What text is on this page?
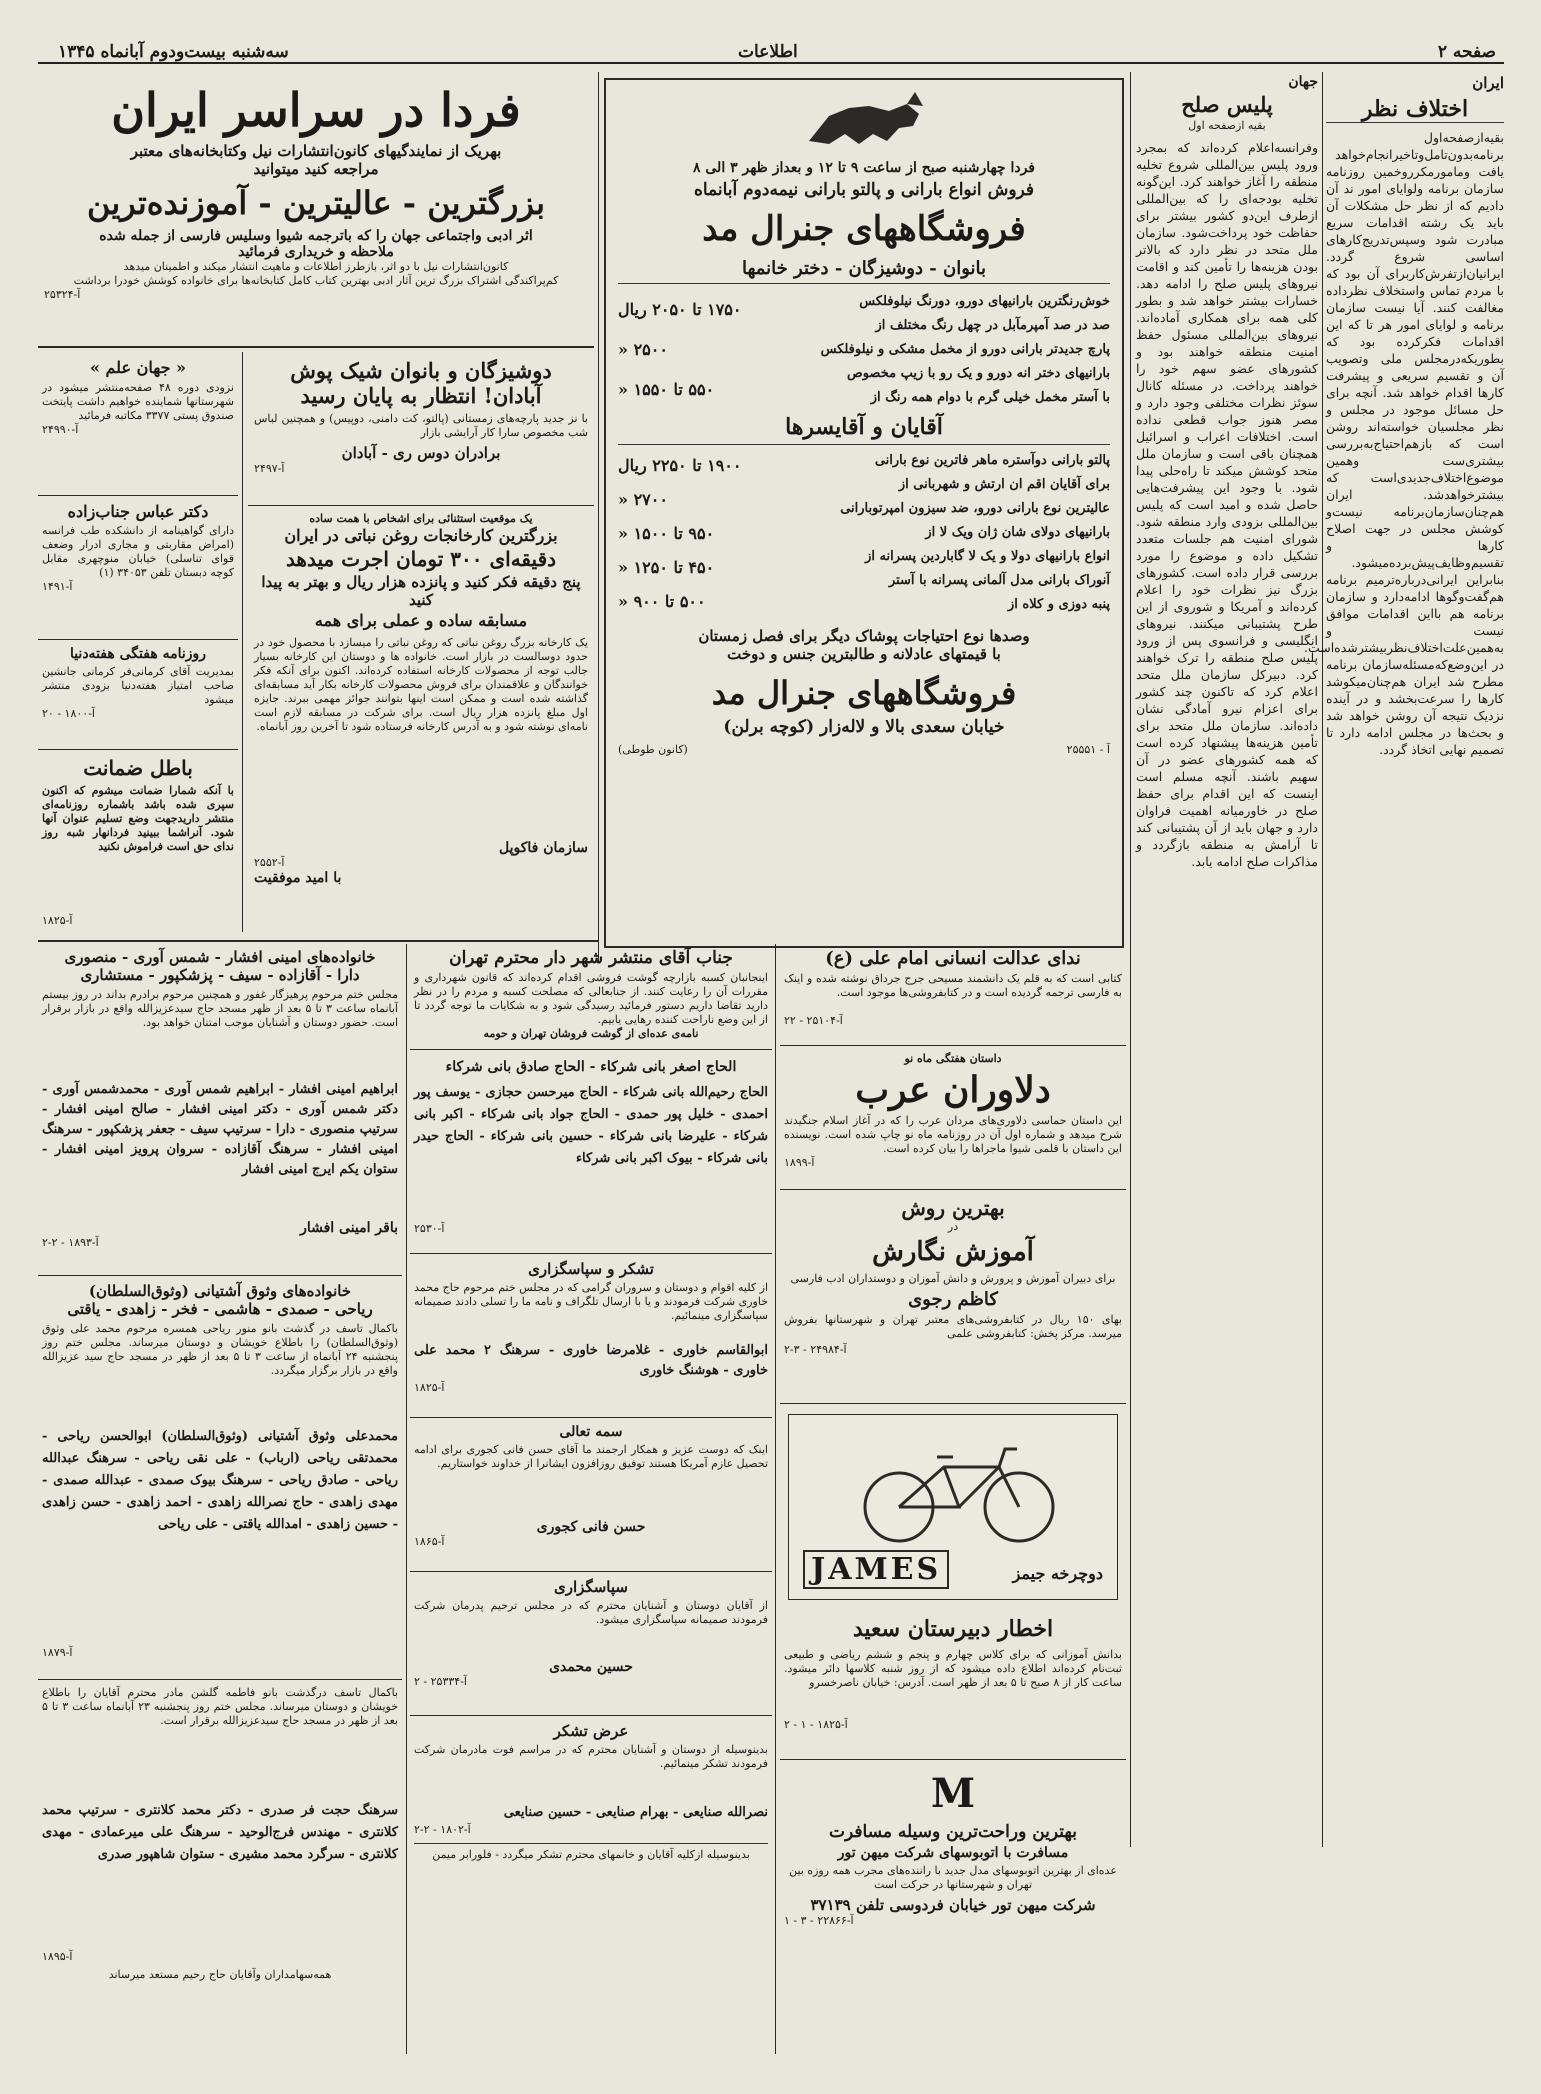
صفحه ۲
اطلاعات
سه‌شنبه بیست‌ودوم آبانماه ۱۳۴۵
ایران
اختلاف نظر
بقیه‌ازصفحه‌اول برنامه‌بدون‌تامل‌وتاخیرانجام‌خواهد یافت ومامورمکرروخمین روزنامه سازمان برنامه ولوایای امور ند آن دادیم که از نظر حل مشکلات آن باید یک رشته اقدامات سریع مبادرت شود وسپس‌تدریج‌کارهای اساسی شروع گردد. ایرانیان‌ازتفرش‌کاربرای آن بود که با مردم تماس واستخلاف نظرداده مغالفت کنند. آیا نیست سازمان برنامه و لوایای امور هر تا که این اقدامات فکرکرده بود که بطوریکه‌درمجلس ملی وتصویب آن و تقسیم سریعی و پیشرفت کارها اقدام خواهد شد. آنچه برای حل مسائل موجود در مجلس و نظر مجلسیان خواسته‌اند روشن است که بازهم‌احتیاج‌به‌بررسی بیشتری‌ست وهمین موضوع‌اختلاف‌جدیدی‌است که بیشترخواهدشد. ایران هم‌چنان‌سازمان‌برنامه نیست‌و کوشش مجلس در جهت اصلاح کارها و تقسیم‌وظایف‌پیش‌برده‌میشود. بنابراین ایرانی‌درباره‌ترمیم برنامه هم‌گفت‌وگوها ادامه‌دارد و سازمان برنامه هم بااین اقدامات موافق نیست و به‌همین‌علت‌اختلاف‌نظربیشترشده‌است. در این‌وضع‌که‌مسئله‌سازمان برنامه مطرح شد ایران هم‌چنان‌میکوشد کارها را سرعت‌بخشد و در آینده نزدیک نتیجه آن روشن خواهد شد و بحث‌ها در مجلس ادامه دارد تا تصمیم نهایی اتخاذ گردد.
جهان
پلیس صلح
بقیه ازصفحه اول
وفرانسه‌اعلام کرده‌اند که بمجرد ورود پلیس بین‌المللی شروع تخلیه منطقه را آغاز خواهند کرد. این‌گونه تخلیه بودجه‌ای را که بین‌المللی ازطرف این‌دو کشور بیشتر برای حفاظت خود پرداخت‌شود. سازمان ملل متحد در نظر دارد که بالاتر بودن هزینه‌ها را تأمین کند و اقامت نیروهای پلیس صلح را ادامه دهد. خسارات بیشتر خواهد شد و بطور کلی همه برای همکاری آماده‌اند. نیروهای بین‌المللی مسئول حفظ امنیت منطقه خواهند بود و کشورهای عضو سهم خود را خواهند پرداخت. در مسئله کانال سوئز نظرات مختلفی وجود دارد و مصر هنوز جواب قطعی نداده است. اختلافات اعراب و اسرائیل همچنان باقی است و سازمان ملل متحد کوشش میکند تا راه‌حلی پیدا شود. با وجود این پیشرفت‌هایی حاصل شده و امید است که پلیس بین‌المللی بزودی وارد منطقه شود. شورای امنیت هم جلسات متعدد تشکیل داده و موضوع را مورد بررسی قرار داده است. کشورهای بزرگ نیز نظرات خود را اعلام کرده‌اند و آمریکا و شوروی از این طرح پشتیبانی میکنند. نیروهای انگلیسی و فرانسوی پس از ورود پلیس صلح منطقه را ترک خواهند کرد. دبیرکل سازمان ملل متحد اعلام کرد که تاکنون چند کشور برای اعزام نیرو آمادگی نشان داده‌اند. سازمان ملل متحد برای تأمین هزینه‌ها پیشنهاد کرده است که همه کشورهای عضو در آن سهیم باشند. آنچه مسلم است اینست که این اقدام برای حفظ صلح در خاورمیانه اهمیت فراوان دارد و جهان باید از آن پشتیبانی کند تا آرامش به منطقه بازگردد و مذاکرات صلح ادامه یابد.
فردا چهارشنبه صبح از ساعت ۹ تا ۱۲ و بعداز ظهر ۳ الی ۸
فروش انواع بارانی و پالتو بارانی نیمه‌دوم آبانماه
فروشگاههای جنرال مد
بانوان - دوشیزگان - دختر خانمها
خوش‌رنگترین بارانیهای دورو، دورنگ نیلوفلکس
صد در صد آمپرمآبل در چهل رنگ مختلف از
پارچ جدیدتر بارانی دورو از مخمل مشکی و نیلوفلکس
بارانیهای دختر انه دورو و یک رو با زیپ مخصوص
با آستر مخمل خیلی گرم با دوام همه رنگ از
۱۷۵۰ تا ۲۰۵۰ ریال
۲۵۰۰ «
۵۵۰ تا ۱۵۵۰ «
آقایان و آقایسرها
پالتو بارانی دوآستره ماهر فاترین نوع بارانی
برای آقایان اقم ان ارتش و شهربانی از
عالیترین نوع بارانی دورو، ضد سیزون امپرتوبارانی
بارانیهای دولای شان ژان ویک لا از
انواع بارانیهای دولا و یک لا گاباردین پسرانه از
آنوراک بارانی مدل آلمانی پسرانه با آستر
پنبه دوزی و کلاه از
۱۹۰۰ تا ۲۲۵۰ ریال
۲۷۰۰ «
۹۵۰ تا ۱۵۰۰ «
۴۵۰ تا ۱۲۵۰ «
۵۰۰ تا ۹۰۰ «
وصدها نوع احتیاجات پوشاک دیگر برای فصل زمستان
با قیمتهای عادلانه و طالبترین جنس و دوخت
فروشگاههای جنرال مد
خیابان سعدی بالا و لاله‌زار (کوچه برلن)
آ - ۲۵۵۵۱
(کانون طوطی)
فردا در سراسر ایران
بهریک از نمایندگیهای کانون‌انتشارات نیل وکتابخانه‌های معتبر
مراجعه کنید میتوانید
بزرگترین - عالیترین - آموزنده‌ترین
اثر ادبی واجتماعی جهان را که باترجمه شیوا وسلیس فارسی از جمله شده
ملاحظه و خریداری فرمائید
کانون‌انتشارات نیل با دو اثر، بازطرز اطلاعات و ماهیت انتشار میکند و اطمینان میدهد
کم‌پراکندگی اشتراک بزرگ ترین آثار ادبی بهترین کتاب ‌کامل کتابخانه‌ها برای خانواده کوشش خودرا برداشت
آ-۲۵۳۲۴
دوشیزگان و بانوان شیک پوش
آبادان! انتظار به پایان رسید
با نز جدید پارچه‌های زمستانی (پالتو، کت دامنی، دوپیس) و همچنین لباس شب مخصوص سارا کار آرایشی بازار
برادران دوس ری - آبادان
آ-۲۴۹۷
یک موقعیت استثنائی برای اشخاص با همت ساده
بزرگترین کارخانجات روغن نباتی در ایران
دقیقه‌ای ۳۰۰ تومان اجرت میدهد
پنج دقیقه فکر کنید و پانزده هزار ریال و بهتر به پیدا کنید
مسابقه ساده و عملی برای همه
یک کارخانه بزرگ روغن نباتی که روغن نباتی را میسازد با محصول خود در حدود دوسالست در بازار است. خانواده ها و دوستان این کارخانه بسیار جالب توجه از محصولات کارخانه استفاده کرده‌اند. اکنون برای آنکه فکر خوانندگان و علاقمندان برای فروش محصولات کارخانه بکار آید مسابقه‌ای گذاشته شده است و ممکن است اینها بتوانند جوائز مهمی ببرند. جایزه اول مبلغ پانزده هزار ریال است. برای شرکت در مسابقه لازم است نامه‌ای نوشته شود و به آدرس کارخانه فرستاده شود تا آخرین روز آبانماه.
سازمان فاکوپل
آ-۲۵۵۲
با امید موفقیت
« جهان علم »
نزودی دوره ۴۸ صفحه‌منتشر میشود در شهرستانها شماینده خواهیم داشت پایتخت صندوق پستی ۳۳۷۷ مکاتبه فرمائید
آ-۲۴۹۹۰
دکتر عباس جناب‌زاده
دارای گواهینامه از دانشکده طب فرانسه (امراض مقاربتی و مجاری ادرار وضعف قوای تناسلی) خیابان منوچهری مقابل کوچه دبستان تلفن ۳۴۰۵۳ (۱)
آ-۱۴۹۱
روزنامه هفتگی هفته‌دنیا
بمدیریت آقای کرمانی‌فر کرمانی جانشین صاحب امتیاز هفته‌دنیا بزودی منتشر میشود
آ-۱۸۰۰ - ۲۰
باطل ضمانت
با آنکه شمارا ضمانت میشوم که اکنون سپری شده باشد باشماره روزنامه‌ای منتشر داریدجهت وضع تسلیم عنوان آنها شود. آنراشما ببینید فردانهار شبه روز ندای حق است فراموش نکنید
آ-۱۸۲۵
خانواده‌های امینی افشار - شمس آوری - منصوری
دارا - آقازاده - سیف - پزشکپور - مستشاری
مجلس ختم مرحوم پرهیزگار غفور و همچنین مرحوم برادرم بداند در روز بیستم آبانماه ساعت ۳ تا ۵ بعد از ظهر مسجد حاج سیدعزیزالله واقع در بازار برقرار است. حضور دوستان و آشنایان موجب امتنان خواهد بود.
ابراهیم امینی افشار - ابراهیم شمس آوری - محمدشمس آوری - دکتر شمس آوری - دکتر امینی افشار - صالح امینی افشار - سرتیپ منصوری - دارا - سرتیپ سیف - جعفر پزشکپور - سرهنگ امینی افشار - سرهنگ آقازاده - سروان پرویز امینی افشار - ستوان یکم ایرج امینی افشار
باقر امینی افشار
آ-۱۸۹۳ - ۲-۲
خانواده‌های وثوق آشتیانی (وثوق‌السلطان)
ریاحی - صمدی - هاشمی - فخر - زاهدی - یاقتی
باکمال تاسف در گذشت بانو منور ریاحی همسره مرحوم محمد علی وثوق (وثوق‌السلطان) را باطلاع خویشان و دوستان میرساند. مجلس ختم روز پنجشنبه ۲۴ آبانماه از ساعت ۳ تا ۵ بعد از ظهر در مسجد حاج سید عزیزالله واقع در بازار برگزار میگردد.
محمدعلی وثوق آشتیانی (وثوق‌السلطان) ابوالحسن ریاحی - محمدتقی ریاحی (ارباب) - علی نقی ریاحی - سرهنگ عبدالله ریاحی - صادق ریاحی - سرهنگ بیوک صمدی - عبدالله صمدی - مهدی زاهدی - حاج نصرالله زاهدی - احمد زاهدی - حسن زاهدی - حسین زاهدی - امدالله یاقتی - علی ریاحی
آ-۱۸۷۹
باکمال تاسف درگذشت بانو فاطمه گلشن مادر محترم آقایان را باطلاع خویشان و دوستان میرساند. مجلس ختم روز پنجشنبه ۲۳ آبانماه ساعت ۳ تا ۵ بعد از ظهر در مسجد حاج سیدعزیزالله برقرار است.
سرهنگ حجت فر صدری - دکتر محمد کلانتری - سرتیپ محمد کلانتری - مهندس فرج‌الوحید - سرهنگ علی میرعمادی - مهدی کلانتری - سرگرد محمد مشیری - ستوان شاهپور صدری
آ-۱۸۹۵
همه‌سهامداران وآقایان حاج رحیم مستعد میرساند
جناب آقای منتشر شهر دار محترم تهران
اینجانبان کسبه بازارچه گوشت فروشی اقدام کرده‌اند که قانون شهرداری و مقررات آن را رعایت کنند. از جنابعالی که مصلحت کسبه و مردم را در نظر دارید تقاضا داریم دستور فرمائید رسیدگی شود و به شکایات ما توجه گردد تا از این وضع ناراحت کننده رهایی یابیم.
نامه‌ی عده‌ای از گوشت فروشان تهران و حومه
الحاج اصغر بانی شرکاء - الحاج صادق بانی شرکاء
الحاج رحیم‌الله بانی شرکاء - الحاج میرحسن حجازی - یوسف پور احمدی - خلیل پور حمدی - الحاج جواد بانی شرکاء - اکبر بانی شرکاء - علیرضا بانی شرکاء - حسین بانی شرکاء - الحاج حیدر بانی شرکاء - بیوک اکبر بانی شرکاء
آ-۲۵۳۰
تشکر و سپاسگزاری
از کلیه اقوام و دوستان و سروران گرامی که در مجلس ختم مرحوم حاج محمد خاوری شرکت فرمودند و یا با ارسال تلگراف و نامه ما را تسلی دادند صمیمانه سپاسگزاری مینمائیم.
ابوالقاسم خاوری - غلامرضا خاوری - سرهنگ ۲ محمد علی خاوری - هوشنگ خاوری
آ-۱۸۲۵
سمه تعالی
اینک که دوست عزیز و همکار ارجمند ما آقای حسن فانی کجوری برای ادامه تحصیل عازم آمریکا هستند توفیق روزافزون ایشانرا از خداوند خواستاریم.
حسن فانی کجوری
آ-۱۸۶۵
سپاسگزاری
از آقایان دوستان و آشنایان محترم که در مجلس ترحیم پدرمان شرکت فرمودند صمیمانه سپاسگزاری میشود.
حسین محمدی
آ-۲۵۳۳۴ - ۲
عرض تشکر
بدینوسیله از دوستان و آشنایان محترم که در مراسم فوت مادرمان شرکت فرمودند تشکر مینمائیم.
نصرالله صنایعی - بهرام صنایعی - حسین صنایعی
آ-۱۸۰۲ - ۲-۲
بدینوسیله ازکلیه آقایان و خانمهای محترم تشکر میگردد - فلورابر میمن
ندای عدالت انسانی امام علی (ع)
کتابی است که به قلم یک دانشمند مسیحی جرج جرداق نوشته شده و اینک به فارسی ترجمه گردیده است و در کتابفروشی‌ها موجود است.
آ-۲۵۱۰۴ - ۲۲
داستان هفتگی ماه نو
دلاوران عرب
این داستان حماسی دلاوری‌های مردان عرب را که در آغاز اسلام جنگیدند شرح میدهد و شماره اول آن در روزنامه ماه نو چاپ شده است. نویسنده این داستان با قلمی شیوا ماجراها را بیان کرده است.
آ-۱۸۹۹
بهترین روش
در
آموزش نگارش
برای دبیران آموزش و پرورش و دانش آموزان و دوستداران ادب فارسی
کاظم رجوی
بهای ۱۵۰ ریال در کتابفروشی‌های معتبر تهران و شهرستانها بفروش میرسد. مرکز پخش: کتابفروشی علمی
آ-۲۴۹۸۴ - ۳-۲
JAMES	دوچرخه جیمز
اخطار دبیرستان سعید
بدانش آموزانی که برای کلاس چهارم و پنجم و ششم ریاضی و طبیعی ثبت‌نام کرده‌اند اطلاع داده میشود که از روز شنبه کلاسها دائر میشود. ساعت کار از ۸ صبح تا ۵ بعد از ظهر است. آدرس: خیابان ناصرخسرو
آ-۱۸۲۵ - ۱ - ۲
M
بهترین وراحت‌ترین وسیله مسافرت
مسافرت با اتوبوسهای شرکت میهن تور
عده‌ای از بهترین اتوبوسهای مدل جدید با راننده‌های مجرب همه روزه بین تهران و شهرستانها در حرکت است
شرکت میهن تور خیابان فردوسی تلفن ۳۷۱۳۹
آ-۲۲۸۶۶ - ۳ - ۱
